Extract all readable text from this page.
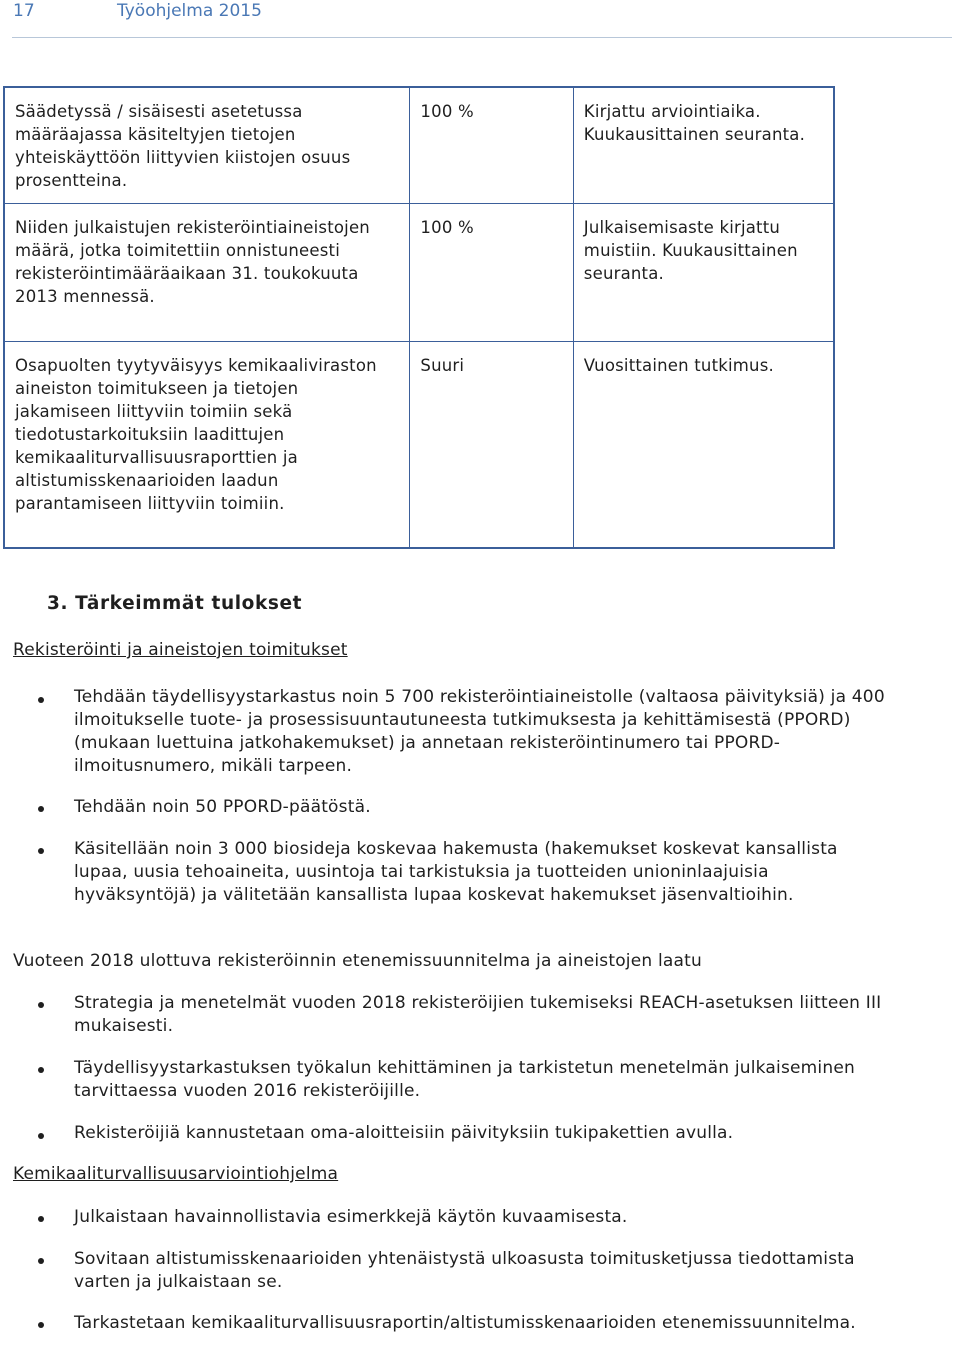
17	Työohjelma 2015
Säädetyssä / sisäisesti asetetussa määräajassa käsiteltyjen tietojen yhteiskäyttöön liittyvien kiistojen osuus prosentteina.	100 %	Kirjattu arviointiaika. Kuukausittainen seuranta.
Niiden julkaistujen rekisteröintiaineistojen määrä, jotka toimitettiin onnistuneesti rekisteröintimääräaikaan 31. toukokuuta 2013 mennessä.	100 %	Julkaisemisaste kirjattu muistiin. Kuukausittainen seuranta.
Osapuolten tyytyväisyys kemikaaliviraston aineiston toimitukseen ja tietojen jakamiseen liittyviin toimiin sekä tiedotustarkoituksiin laadittujen kemikaaliturvallisuusraporttien ja altistumisskenaarioiden laadun parantamiseen liittyviin toimiin.	Suuri	Vuosittainen tutkimus.
3. Tärkeimmät tulokset
Rekisteröinti ja aineistojen toimitukset
Tehdään täydellisyystarkastus noin 5 700 rekisteröintiaineistolle (valtaosa päivityksiä) ja 400 ilmoitukselle tuote- ja prosessisuuntautuneesta tutkimuksesta ja kehittämisestä (PPORD) (mukaan luettuina jatkohakemukset) ja annetaan rekisteröintinumero tai PPORD-ilmoitusnumero, mikäli tarpeen.
Tehdään noin 50 PPORD-päätöstä.
Käsitellään noin 3 000 biosideja koskevaa hakemusta (hakemukset koskevat kansallista lupaa, uusia tehoaineita, uusintoja tai tarkistuksia ja tuotteiden unioninlaajuisia hyväksyntöjä) ja välitetään kansallista lupaa koskevat hakemukset jäsenvaltioihin.
Vuoteen 2018 ulottuva rekisteröinnin etenemissuunnitelma ja aineistojen laatu
Strategia ja menetelmät vuoden 2018 rekisteröijien tukemiseksi REACH-asetuksen liitteen III mukaisesti.
Täydellisyystarkastuksen työkalun kehittäminen ja tarkistetun menetelmän julkaiseminen tarvittaessa vuoden 2016 rekisteröijille.
Rekisteröijiä kannustetaan oma-aloitteisiin päivityksiin tukipakettien avulla.
Kemikaaliturvallisuusarviointiohjelma
Julkaistaan havainnollistavia esimerkkejä käytön kuvaamisesta.
Sovitaan altistumisskenaarioiden yhtenäistystä ulkoasusta toimitusketjussa tiedottamista varten ja julkaistaan se.
Tarkastetaan kemikaaliturvallisuusraportin/altistumisskenaarioiden etenemissuunnitelma.
